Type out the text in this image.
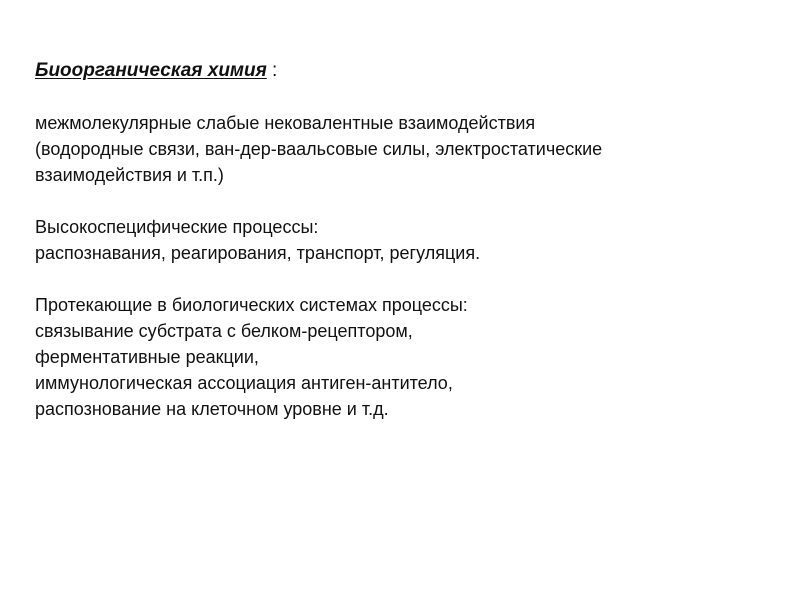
Биоорганическая химия :
межмолекулярные слабые нековалентные взаимодействия
(водородные связи, ван-дер-ваальсовые силы, электростатические
взаимодействия и т.п.)
Высокоспецифические процессы:
распознавания, реагирования, транспорт, регуляция.
Протекающие в биологических системах процессы:
связывание субстрата с белком-рецептором,
ферментативные реакции,
иммунологическая ассоциация антиген-антитело,
распознование на клеточном уровне и т.д.
